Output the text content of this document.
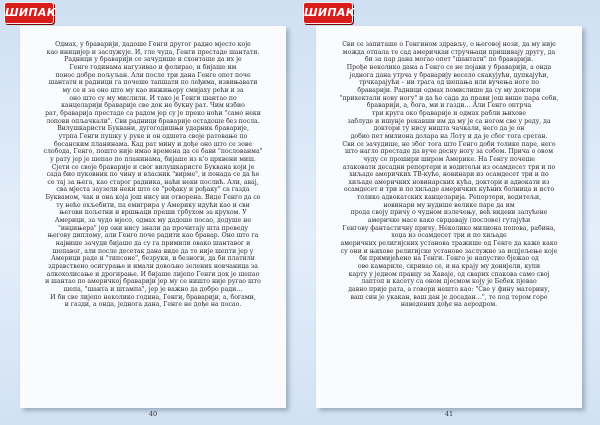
ШИПАК	ШИПАК
Одмах, у браварији, дадоше Генги другог радно мјесто које
као иницијер и заслужује. И, гле чуда, Генги престаде шантати.
Радници у браварији се зачудише и схонташе да их је
Генге годинама нагузивао и фолирао, и бијаше им
понос добре пољуљан. Али после три дана Генге опет поче
шантати и радници га почеше тапшати по леђима, извињавати
му се и за оно што му као инжињеру смијаху рећи и за
оно што су му мислили. И тако је Генги шантао по
канцеларији браварије све док не букну рат. Чим избио
рат, браварија престаде са радом јер су је преко ноћи "само неки
лопови опљачкали". Сви радници браварије остадоше без посла.
Вилушкаристи Буквани, дугогодишњи ударник браварије,
утрпа Генги пушку у руке и он одшета своје ратовање по
босанским планинама. Кад рат мину и дође оно што се зове
слобода, Генго, пошто није имао времена да се бави "послованма"
у рату јер је шепао по планинама, бијаше из к'о црквени миш.
Сјети се своје браварије и свог вилушкаристе Букванa који је
сада био пуковник по чину и власник "вирме", и понада се да ће
се тај за њега, као старог радника, наћи неки послић. Али, авај,
сва мјеста заузели неки што се "рођаку и рођаку" са газда
Буквамом, чак и она која још нису ни отворена. Виде Генго да се
ту неће охљебити, па емигрира у Америку идући као и сви
његови пољетни и вршњаци преши трбухом за крухом. У
Америци, за чудо мјесо, одмах му дадоше посао, додуше не
"инџињера" јер они нису знали да прочитају шта преведу
његову диплому, али Генго поче радити као бравар. Оно што га
највише зачуди бијаше да су га примили овако шантавог и
шепавог, али после десетак дана виде да то није шепти јер у
Америци раде и "типсоне", безруки, и безноги, да би платили
здравствено осигурање и имали довољно зелених новчаница за
алкохолисање и дрогирање. И бијаше лијепо Генги док је шепао
и шантао по америчкој браварији јер му се ништо није ругао што
шепа, "шанта и штампа", јер је важно да добро ради…
И би све лијепо неколико година, Генги, браварији, а, богами,
и газди, а онда, једнога дана, Генге не дође на посао.
Сви се запиташе о Генгином здрављу, о његовој нози, да му није
можда отпала те сад америчкаи стручњаци пришивају другу, да
би за пар дана могао опет "шантати" по браварији.
Прође неколико дана а Генго се не појави у браварији, а онда
једнога дана утрча у браварију весело скакујући, цупкајући,
трчкарајући – ни трага од шепања или вучења ноге по
браварији. Радници одмах помислише да су му доктори
"прихектали нову ногу" и да ће сада да прави још више пара себи,
браварији, а, бога, ми и газди… Али Генго оптрча
три круга око браварије и одмах рабли њихове
заблуде и ишунје рекавши им да му је са ногом све у реду, да
доктори ту нису ништа чачкали, него да је он
добио пет милиона долара на Лоту и да је сбог тога сретан.
Сви се зачудише, не због тога што Генго доби толике паре, него
што нагло престаде да вуче десну ногу за собом. Прича о овом
чуду се прошири широм Америке. На Генгу почеше
атаковати десадни репортери и водитељи из осамдесет три и по
хиљаде америчких ТВ-куће, новинари из осамдесет три и по
хиљаде америчких новинарских кућа, доктори и адвокати из
осамдесет и три и по хиљаде америчких кућних болница и исто
толико адвокатских канцеларија. Репортери, водитељи,
новинари му нудише велике паре да им
прода своју причу о чудном излечењу, већ видеви залућене
америчке масе како сврџавају (послове) гутајући
Генгову фантастичну причу. Неколико милиона попова, рабина,
хоџа из осамдесет три и по хиљаде
америчких религијских установа тражише од Генге да каже како
су они и њихове религијске установе заслужне за исцјељење које
би примијећено на Генги. Генго је напустио бјежао од
ове камарилe, скривао се, и на крају му донијели, купи
карту у једном правцу за Хаваје, од сварих спакова само свој
лаптоп и касету са оном пјесмом коју је Бебек пјевао
давно прије рата, а говори нешто као: "Све у фину материну,
ваш син је укакан, ваш дан је досадан…", те под тером горе
наведених дође на аеродром.
40	41
